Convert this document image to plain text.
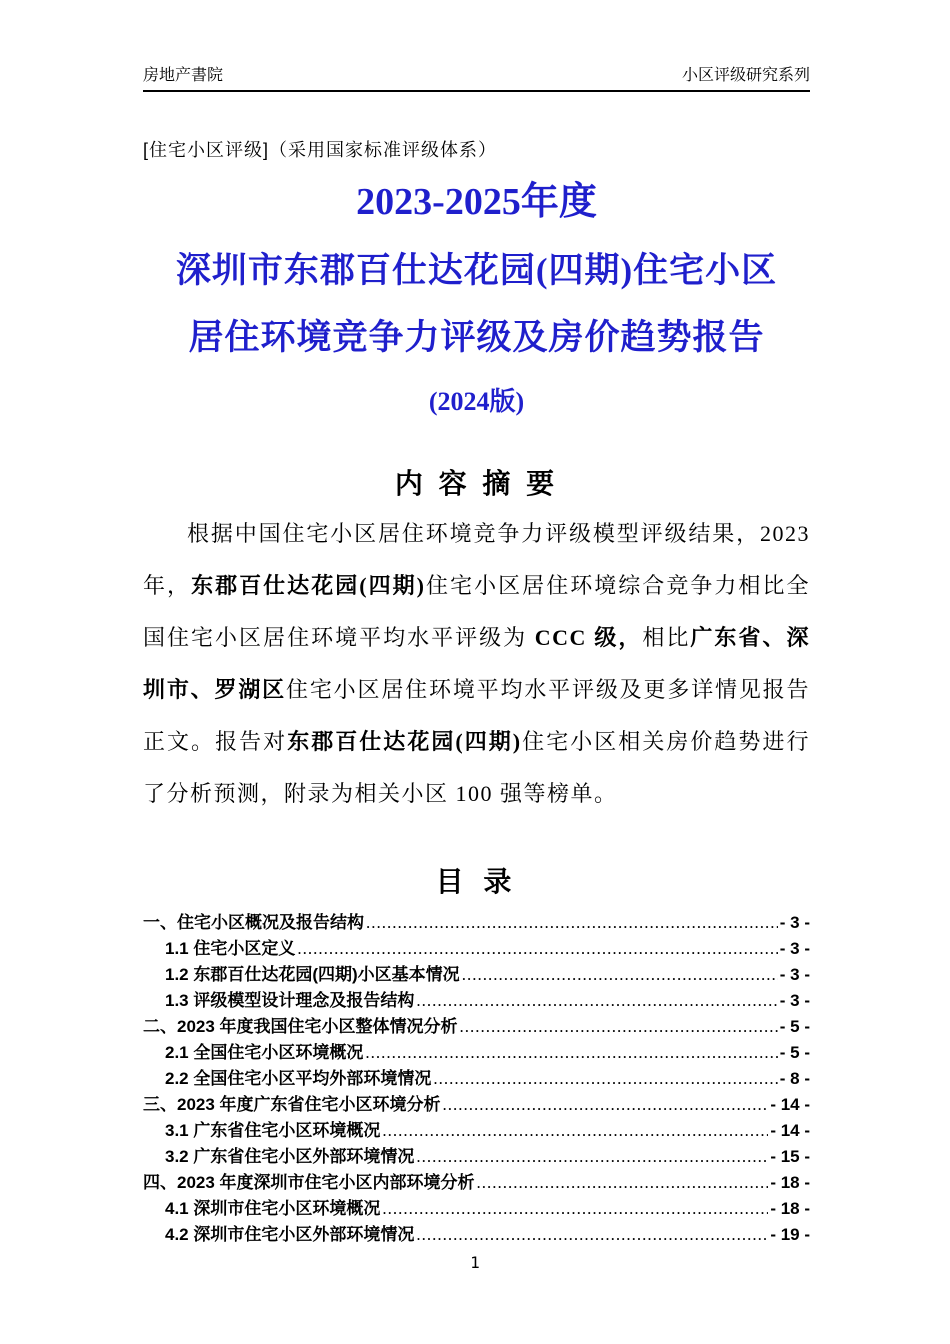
房地产書院	小区评级研究系列
[住宅小区评级]（采用国家标准评级体系）
2023-2025年度
深圳市东郡百仕达花园(四期)住宅小区
居住环境竞争力评级及房价趋势报告
(2024版)
内 容 摘 要

根据中国住宅小区居住环境竞争力评级模型评级结果，2023 年，东郡百仕达花园(四期)住宅小区居住环境综合竞争力相比全国住宅小区居住环境平均水平评级为 CCC 级，相比广东省、深圳市、罗湖区住宅小区居住环境平均水平评级及更多详情见报告正文。报告对东郡百仕达花园(四期)住宅小区相关房价趋势进行了分析预测，附录为相关小区 100 强等榜单。

目 录
一、住宅小区概况及报告结构 .....	- 3 -
1.1 住宅小区定义 .....	- 3 -
1.2 东郡百仕达花园(四期)小区基本情况 .....	- 3 -
1.3 评级模型设计理念及报告结构 .....	- 3 -
二、2023 年度我国住宅小区整体情况分析 .....	- 5 -
2.1 全国住宅小区环境概况 .....	- 5 -
2.2 全国住宅小区平均外部环境情况 .....	- 8 -
三、2023 年度广东省住宅小区环境分析 .....	- 14 -
3.1 广东省住宅小区环境概况 .....	- 14 -
3.2 广东省住宅小区外部环境情况 .....	- 15 -
四、2023 年度深圳市住宅小区内部环境分析 .....	- 18 -
4.1 深圳市住宅小区环境概况 .....	- 18 -
4.2 深圳市住宅小区外部环境情况 .....	- 19 -
1
